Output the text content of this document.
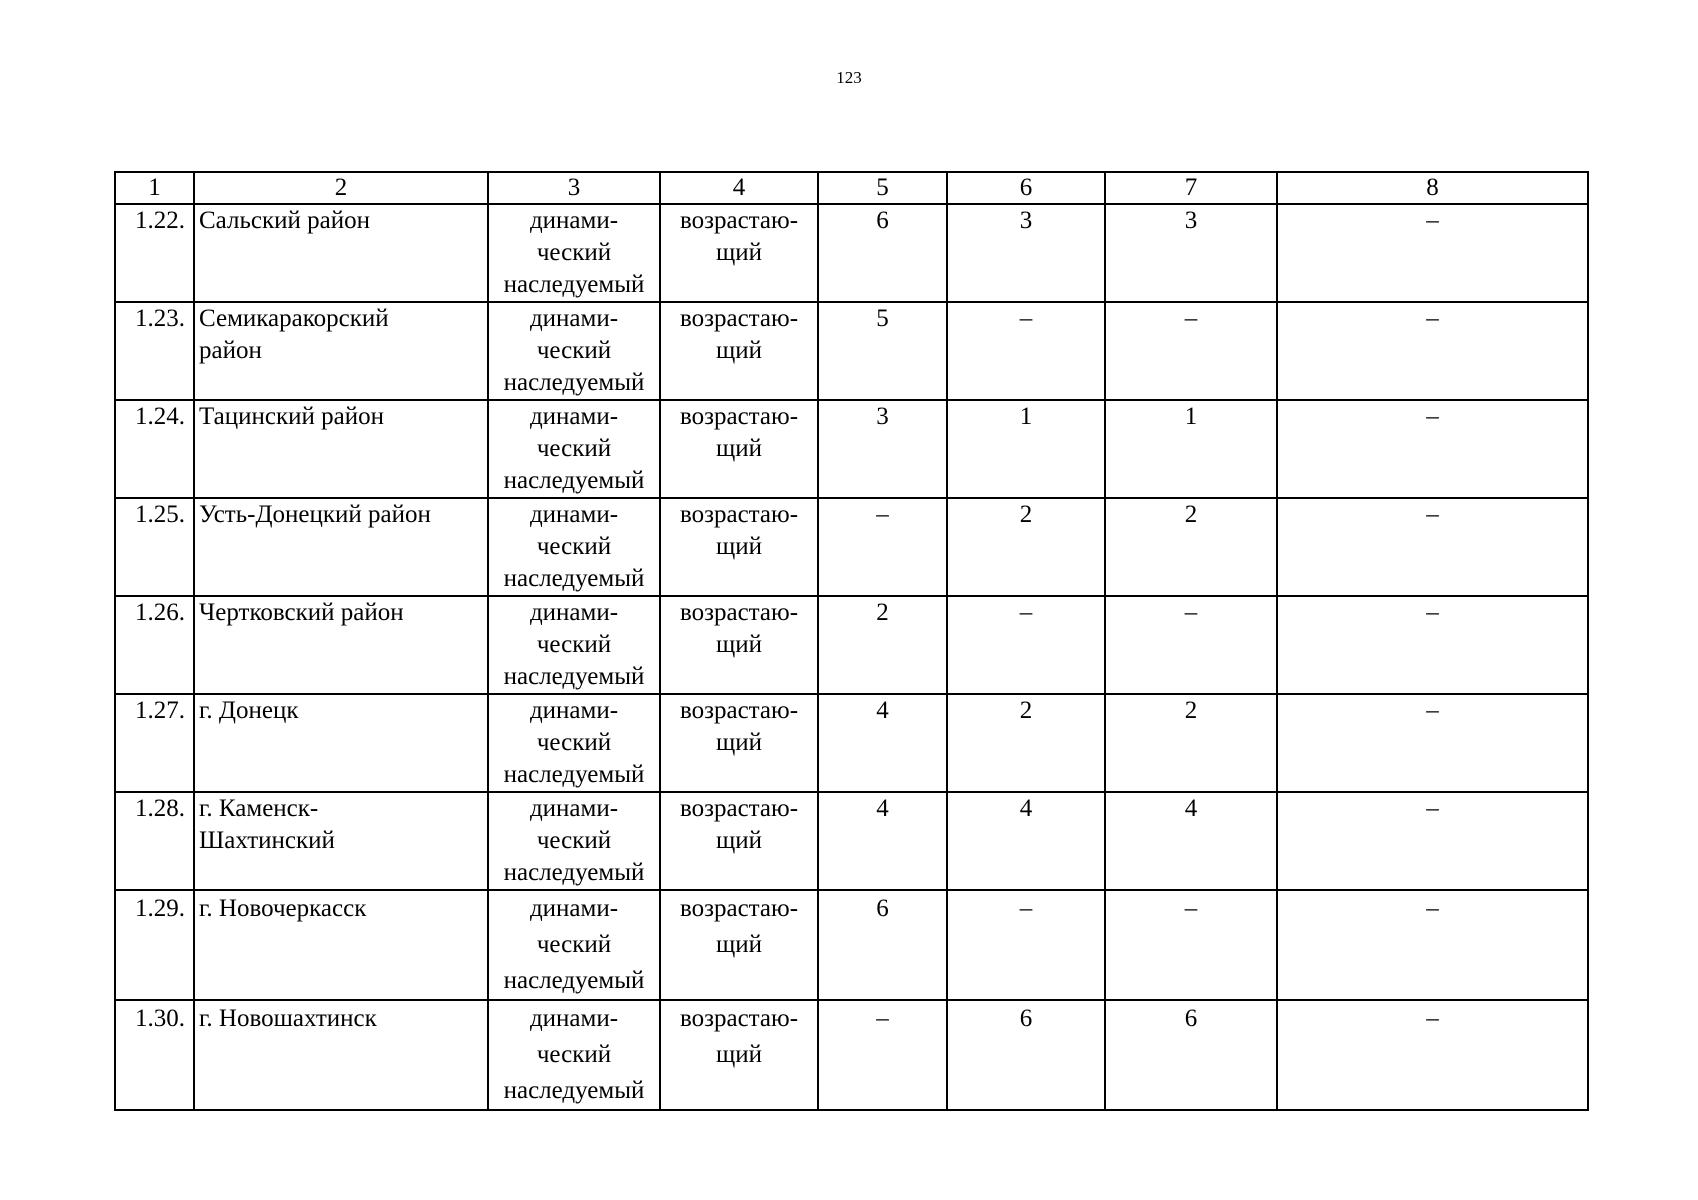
123
1	2	3	4	5	6	7	8
1.22.	Сальский район	динами-
ческий
наследуемый	возрастаю-
щий	6	3	3	–
1.23.	Семикаракорский
район	динами-
ческий
наследуемый	возрастаю-
щий	5	–	–	–
1.24.	Тацинский район	динами-
ческий
наследуемый	возрастаю-
щий	3	1	1	–
1.25.	Усть-Донецкий район	динами-
ческий
наследуемый	возрастаю-
щий	–	2	2	–
1.26.	Чертковский район	динами-
ческий
наследуемый	возрастаю-
щий	2	–	–	–
1.27.	г. Донецк	динами-
ческий
наследуемый	возрастаю-
щий	4	2	2	–
1.28.	г. Каменск-
Шахтинский	динами-
ческий
наследуемый	возрастаю-
щий	4	4	4	–
1.29.	г. Новочеркасск	динами-
ческий
наследуемый	возрастаю-
щий	6	–	–	–
1.30.	г. Новошахтинск	динами-
ческий
наследуемый	возрастаю-
щий	–	6	6	–
